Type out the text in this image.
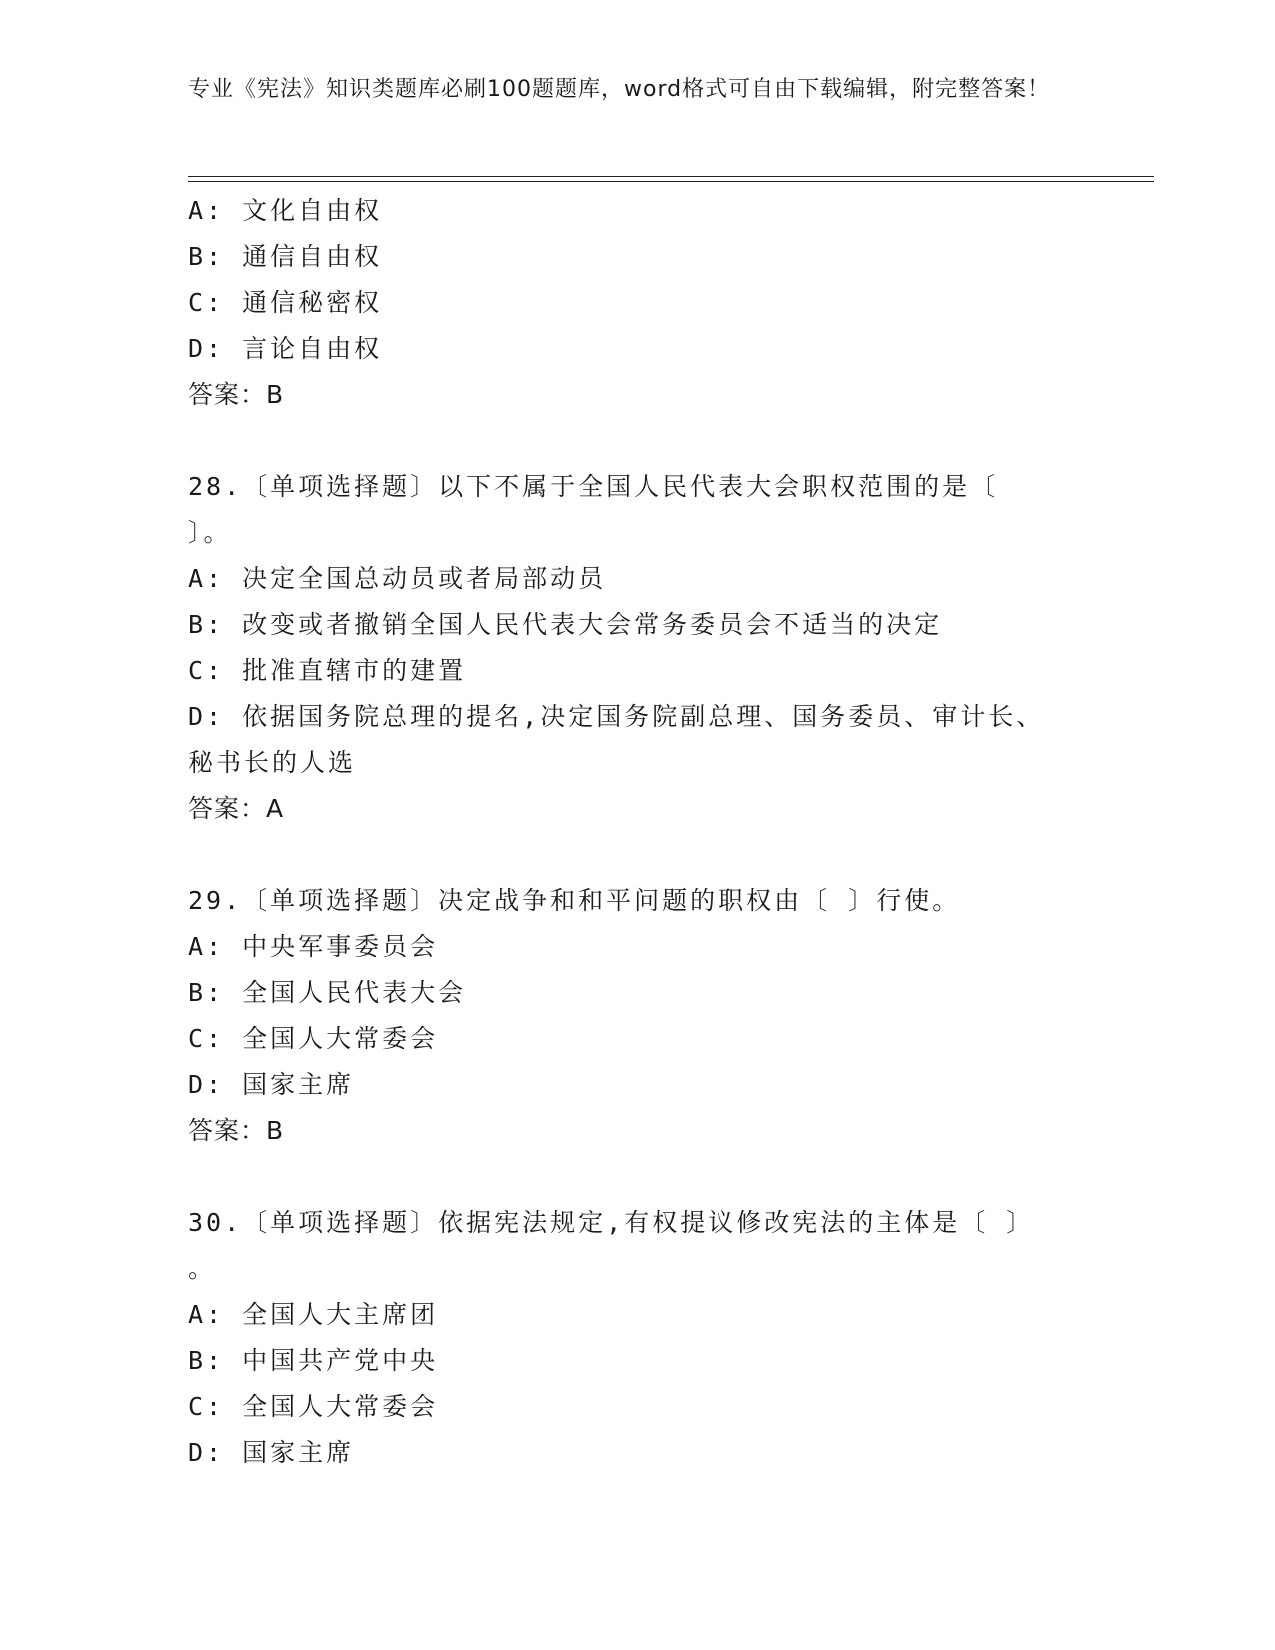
专业《宪法》知识类题库必刷100题题库，word格式可自由下载编辑，附完整答案！
A: 文化自由权
B: 通信自由权
C: 通信秘密权
D: 言论自由权
答案：B
28.〔单项选择题〕以下不属于全国人民代表大会职权范围的是〔
〕。
A: 决定全国总动员或者局部动员
B: 改变或者撤销全国人民代表大会常务委员会不适当的决定
C: 批准直辖市的建置
D: 依据国务院总理的提名,决定国务院副总理、国务委员、审计长、
秘书长的人选
答案：A
29.〔单项选择题〕决定战争和和平问题的职权由〔 〕行使。
A: 中央军事委员会
B: 全国人民代表大会
C: 全国人大常委会
D: 国家主席
答案：B
30.〔单项选择题〕依据宪法规定,有权提议修改宪法的主体是〔 〕
。
A: 全国人大主席团
B: 中国共产党中央
C: 全国人大常委会
D: 国家主席
